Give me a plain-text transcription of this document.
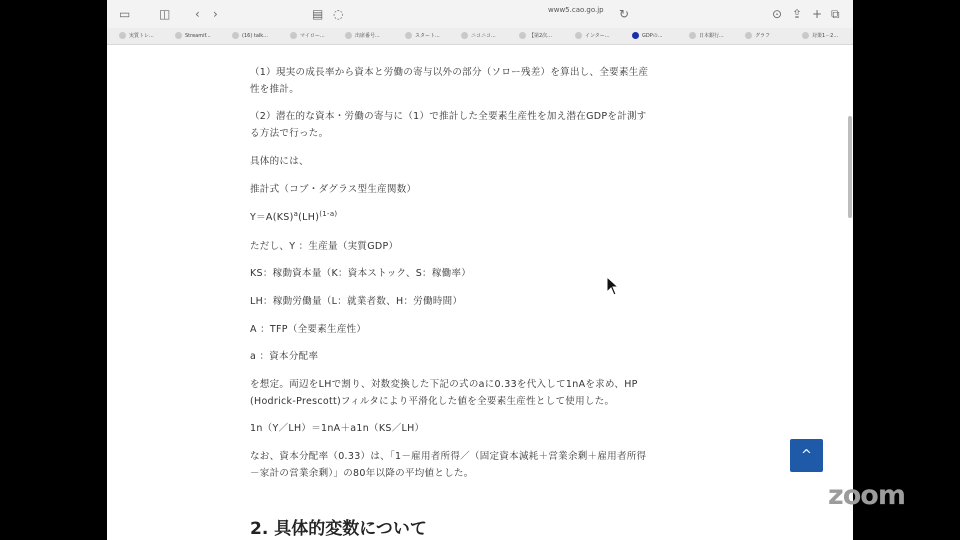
▭ ◫ ‹ ›	▤ ◌	www5.cao.go.jp ↻	⊙ ⇪ + ⧉
実質トレ...	Streamif...	(16) talk...	マイロー...	出席番号...	スタート...	ニコニコ...	【第2次...	インター...	GDPの...	日本銀行...	グラフ	対策1－2...
（1）現実の成長率から資本と労働の寄与以外の部分（ソロー残差）を算出し、全要素生産
性を推計。
（2）潜在的な資本・労働の寄与に（1）で推計した全要素生産性を加え潜在GDPを計測す
る方法で行った。
具体的には、
推計式（コブ・ダグラス型生産関数）
Y＝A(KS)$^a$(LH)$^{(1-a)}$
ただし、Y ：生産量（実質GDP）
KS：稼動資本量（K：資本ストック、S：稼働率）
LH：稼動労働量（L：就業者数、H：労働時間）
A ：TFP（全要素生産性）
a ：資本分配率
を想定。両辺をLHで割り、対数変換した下記の式のaに0.33を代入して1nAを求め、HP
(Hodrick-Prescott)フィルタにより平滑化した値を全要素生産性として使用した。
1n（Y／LH）＝1nA＋a1n（KS／LH）
なお、資本分配率（0.33）は、「1－雇用者所得／（固定資本減耗＋営業余剰＋雇用者所得
－家計の営業余剰）」の80年以降の平均値とした。
2. 具体的変数について
^
zoom
